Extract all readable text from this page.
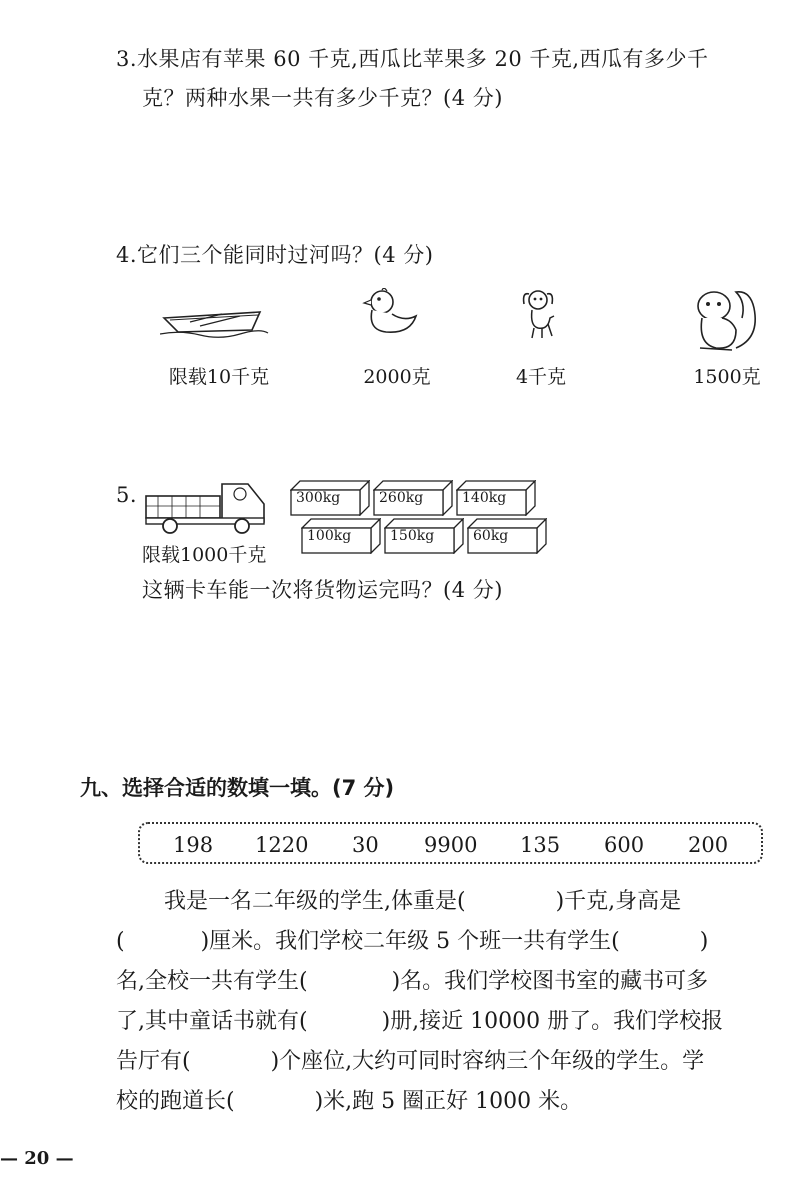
3.水果店有苹果 60 千克,西瓜比苹果多 20 千克,西瓜有多少千
克？两种水果一共有多少千克？(4 分)
4.它们三个能同时过河吗？(4 分)
限载10千克	2000克	4千克	1500克
5.
限载1000千克
300kg	260kg	140kg
100kg	150kg	60kg
这辆卡车能一次将货物运完吗？(4 分)
九、选择合适的数填一填。(7 分)
198 1220 30 9900 135 600 200
我是一名二年级的学生,体重是(	)千克,身高是
(	)厘米。我们学校二年级 5 个班一共有学生(	)
名,全校一共有学生(	)名。我们学校图书室的藏书可多
了,其中童话书就有(	)册,接近 10000 册了。我们学校报
告厅有(	)个座位,大约可同时容纳三个年级的学生。学
校的跑道长(	)米,跑 5 圈正好 1000 米。
— 20 —
